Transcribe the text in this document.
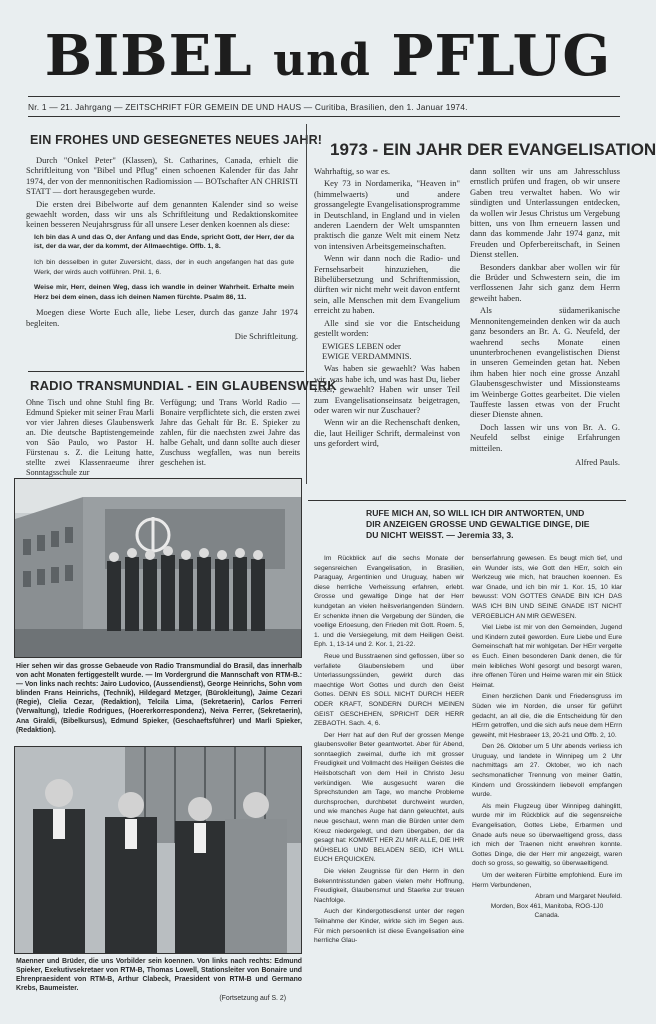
BIBEL und PFLUG
Nr. 1 — 21. Jahrgang — ZEITSCHRIFT FÜR GEMEIN DE UND HAUS — Curitiba, Brasilien, den 1. Januar 1974.
EIN FROHES UND GESEGNETES NEUES JAHR!

Durch "Onkel Peter" (Klassen), St. Catharines, Canada, erhielt die Schriftleitung von "Bibel und Pflug" einen schoenen Kalender für das Jahr 1974, der von der mennonitischen Radiomission — BOTschafter AN CHRISTI STATT — dort herausgegeben wurde.

Die ersten drei Bibelworte auf dem genannten Kalender sind so weise gewaehlt worden, dass wir uns als Schriftleitung und Redaktionskomitee keinen besseren Neujahrsgruss für all unsere Leser denken koennen als diese:

Ich bin das A und das O, der Anfang und das Ende, spricht Gott, der Herr, der da ist, der da war, der da kommt, der Allmaechtige. Offb. 1, 8.

Ich bin desselben in guter Zuversicht, dass, der in euch angefangen hat das gute Werk, der wirds auch vollführen. Phil. 1, 6.

Weise mir, Herr, deinen Weg, dass ich wandle in deiner Wahrheit. Erhalte mein Herz bei dem einen, dass ich deinen Namen fürchte. Psalm 86, 11.

Moegen diese Worte Euch alle, liebe Leser, durch das ganze Jahr 1974 begleiten.

Die Schriftleitung.

1973 - EIN JAHR DER EVANGELISATION

Wahrhaftig, so war es.

Key 73 in Nordamerika, "Heaven in" (himmelwaerts) und andere grossangelegte Evangelisationsprogramme in Deutschland, in England und in vielen anderen Laendern der Welt umspannten praktisch die ganze Welt mit einem Netz von intensiven Arbeitsgemeinschaften.

Wenn wir dann noch die Radio- und Fernsehsarbeit hinzuziehen, die Bibelübersetzung und Schriftenmission, dürften wir nicht mehr weit davon entfernt sein, alle Menschen mit dem Evangelium erreicht zu haben.

Alle sind sie vor die Entscheidung gestellt worden:

EWIGES LEBEN oder

EWIGE VERDAMMNIS.

Was haben sie gewaehlt? Was haben wir, was habe ich, und was hast Du, lieber Leser, gewaehlt? Haben wir unser Teil zum Evangelisationseinsatz beigetragen, oder waren wir nur Zuschauer?

Wenn wir an die Rechenschaft denken, die, laut Heiliger Schrift, dermaleinst von uns gefordert wird,

dann sollten wir uns am Jahresschluss ernstlich prüfen und fragen, ob wir unsere Gaben treu verwaltet haben. Wo wir sündigten und Unterlassungen entdecken, da wollen wir Jesus Christus um Vergebung bitten, uns von Ihm erneuern lassen und dann das kommende Jahr 1974 ganz, mit Freuden und Opferbereitschaft, in Seinen Dienst stellen.

Besonders dankbar aber wollen wir für die Brüder und Schwestern sein, die im verflossenen Jahr sich ganz dem Herrn geweiht haben.

Als südamerikanische Mennonitengemeinden denken wir da auch ganz besonders an Br. A. G. Neufeld, der waehrend sechs Monate einen ununterbrochenen evangelistischen Dienst in unseren Gemeinden getan hat. Neben ihm haben hier noch eine grosse Anzahl Glaubensgeschwister und Missionsteams im Weinberge Gottes gearbeitet. Die vielen Tauffeste lassen etwas von der Frucht dieser Dienste ahnen.

Doch lassen wir uns von Br. A. G. Neufeld selbst einige Erfahrungen mitteilen.

Alfred Pauls.

RADIO TRANSMUNDIAL - EIN GLAUBENSWERK

Ohne Tisch und ohne Stuhl fing Br. Edmund Spieker mit seiner Frau Marli vor vier Jahren dieses Glaubenswerk an. Die deutsche Baptistengemeinde von São Paulo, wo Pastor H. Fürstenau s. Z. die Leitung hatte, stellte zwei Klassenraeume ihrer Sonntagsschule zur

Verfügung; und Trans World Radio —Bonaire verpflichtete sich, die ersten zwei Jahre das Gehalt für Br. E. Spieker zu zahlen, für die naechsten zwei Jahre das halbe Gehalt, und dann sollte auch dieser Zuschuss wegfallen, was nun bereits geschehen ist.

Hier sehen wir das grosse Gebaeude von Radio Transmundial do Brasil, das innerhalb von acht Monaten fertiggestellt wurde. — Im Vordergrund die Mannschaft von RTM-B.: — Von links nach rechts: Jairo Ludovico, (Aussendienst), George Heinrichs, Sohn vom blinden Frans Heinrichs, (Technik), Hildegard Metzger, (Bürokleitung), Jaime Cezari (Regie), Clelia Cezar, (Redaktion), Telcila Lima, (Sekretaerin), Carlos Ferreri (Verwaltung), Izledie Rodrigues, (Hoererkorrespondenz), Neiva Ferrer, (Sekretaerin), Ana Giraldi, (Bibelkursus), Edmund Spieker, (Geschaeftsführer) und Marli Spieker, (Redaktion).
Maenner und Brüder, die uns Vorbilder sein koennen. Von links nach rechts: Edmund Spieker, Exekutivsekretaer von RTM-B, Thomas Lowell, Stationsleiter von Bonaire und Ehrenpraesident von RTM-B, Arthur Clabeck, Praesident von RTM-B und Germano Krebs, Baumeister.
(Fortsetzung auf S. 2)
RUFE MICH AN, SO WILL ICH DIR ANTWORTEN, UND
DIR ANZEIGEN GROSSE UND GEWALTIGE DINGE, DIE
DU NICHT WEISST. — Jeremia 33, 3.

Im Rückblick auf die sechs Monate der segensreichen Evangelisation, in Brasilien, Paraguay, Argentinien und Uruguay, haben wir diese herrliche Verheissung erfahren, erlebt. Grosse und gewaltige Dinge hat der Herr kundgetan an vielen heilsverlangenden Sündern. Er schenkte ihnen die Vergebung der Sünden, die voellige Erloesung, den Frieden mit Gott. Roem. 5, 1. und die Versiegelung, mit dem Heiligen Geist. Eph. 1, 13-14 und 2. Kor. 1, 21-22.

Reue und Busstraenen sind geflossen, über so verfallete Glaubenslebem und über Unterlassungssünden, gewirkt durch das maechtige Wort Gottes und durch den Geist Gottes. DENN ES SOLL NICHT DURCH HEER ODER KRAFT, SONDERN DURCH MEINEN GEIST GESCHEHEN, SPRICHT DER HERR ZEBAOTH. Sach. 4, 6.

Der Herr hat auf den Ruf der grossen Menge glaubensvoller Beter geantwortet. Aber für Abend, sonntaeglich zweimal, durfte ich mit grosser Freudigkeit und Vollmacht des Heiligen Geistes die Heilsbotschaft von dem Heil in Christo Jesu verkündigen. Wie ausgesucht waren die Sprechstunden am Tage, wo manche Probleme durchsprochen, durchbetet durchweint wurden, und wie manches Auge hat dann geleuchtet, auls neue geschaut, wenn man die Bürden unter dem Kreuz niedergelegt, und dem übergaben, der da gesagt hat: KOMMET HER ZU MIR ALLE, DIE IHR MÜHSELIG UND BELADEN SEID, ICH WILL EUCH ERQUICKEN.

Die vielen Zeugnisse für den Herrn in den Bekenntnisstunden gaben vielen mehr Hoffnung, Freudigkeit, Glaubensmut und Staerke zur treuen Nachfolge.

Auch der Kindergottesdienst unter der regen Teilnahme der Kinder, wirkte sich im Segen aus. Für mich persoenlich ist diese Evangelisation eine herrliche Glau-

benserfahrung gewesen. Es beugt mich tief, und ein Wunder ists, wie Gott den HErr, solch ein Werkzeug wie mich, hat brauchen koennen. Es war Gnade, und ich bin mir 1. Kor. 15, 10 klar bewusst: VON GOTTES GNADE BIN ICH DAS WAS ICH BIN UND SEINE GNADE IST NICHT VERGEBLICH AN MIR GEWESEN.

Viel Liebe ist mir von den Gemeinden, Jugend und Kindern zuteil geworden. Eure Liebe und Eure Gemeinschaft hat mir wohlgetan. Der HErr vergelte es Euch. Einen besonderen Dank denen, die für mein leibliches Wohl gesorgt und besorgt waren, ihre offenen Türen und Heime waren mir ein Stück Heimat.

Einen herzlichen Dank und Friedensgruss im Süden wie im Norden, die unser für geführt gedacht, an all die, die die Entscheidung für den HErrn getroffen, und die sich aufs neue dem HErrn geweiht, mit Hesbraeer 13, 20-21 und Offb. 2, 10.

Den 26. Oktober um 5 Uhr abends verliess ich Uruguay, und landete in Winnipeg um 2 Uhr nachmittags am 27. Oktober, wo ich nach sechsmonatlicher Trennung von meiner Gattin, Kindern und Grosskindern liebevoll empfangen wurde.

Als mein Flugzeug über Winnipeg dahinglitt, wurde mir im Rückblick auf die segensreiche Evangelisation, Gottes Liebe, Erbarmen und Gnade aufs neue so überwaeltigend gross, dass ich mich der Traenen nicht erwehren konnte. Gottes Dinge, die der Herr mir angezeigt, waren doch so gross, so gewaltig, so überwaeltigend.

Um der weiteren Fürbitte empfohlend. Eure im Herrn Verbundenen,

Abram und Margaret Neufeld.

Morden, Box 461, Manitoba, ROG-1J0

Canada.
